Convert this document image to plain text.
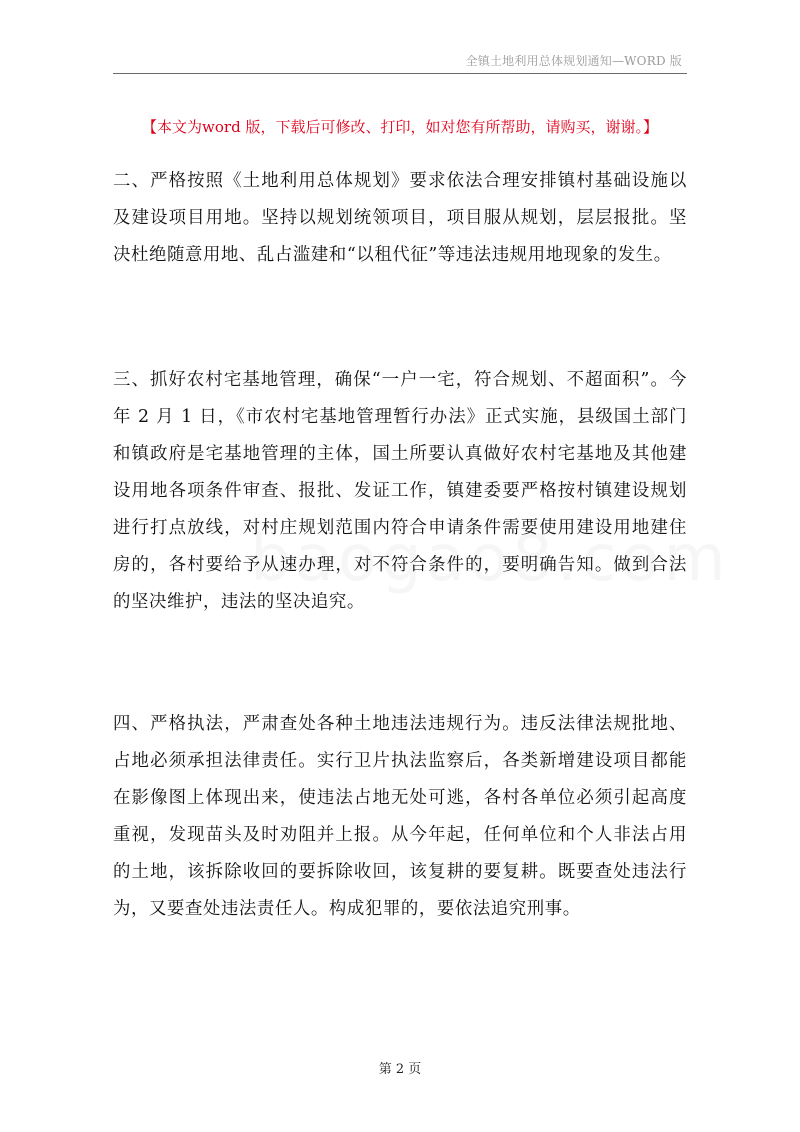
全镇土地利用总体规划通知—WORD 版
【本文为word 版，下载后可修改、打印，如对您有所帮助，请购买，谢谢。】

二、严格按照《土地利用总体规划》要求依法合理安排镇村基础设施以及建设项目用地。坚持以规划统领项目，项目服从规划，层层报批。坚决杜绝随意用地、乱占滥建和“以租代征”等违法违规用地现象的发生。

三、抓好农村宅基地管理，确保“一户一宅，符合规划、不超面积”。今年 2 月 1 日，《市农村宅基地管理暂行办法》正式实施，县级国土部门和镇政府是宅基地管理的主体，国土所要认真做好农村宅基地及其他建设用地各项条件审查、报批、发证工作，镇建委要严格按村镇建设规划进行打点放线，对村庄规划范围内符合申请条件需要使用建设用地建住房的，各村要给予从速办理，对不符合条件的，要明确告知。做到合法的坚决维护，违法的坚决追究。

四、严格执法，严肃查处各种土地违法违规行为。违反法律法规批地、占地必须承担法律责任。实行卫片执法监察后，各类新增建设项目都能在影像图上体现出来，使违法占地无处可逃，各村各单位必须引起高度重视，发现苗头及时劝阻并上报。从今年起，任何单位和个人非法占用的土地，该拆除收回的要拆除收回，该复耕的要复耕。既要查处违法行为，又要查处违法责任人。构成犯罪的，要依法追究刑事。

第 2 页
